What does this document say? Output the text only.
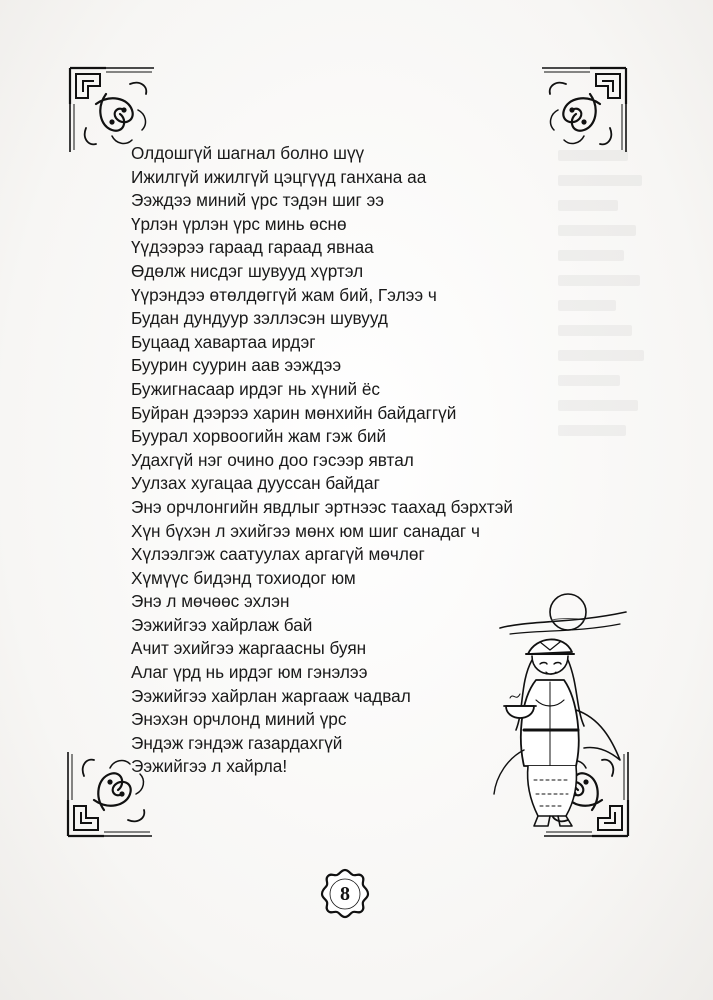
Олдошгүй шагнал болно шүү
Ижилгүй ижилгүй цэцгүүд ганхана аа
Ээждээ миний үрс тэдэн шиг ээ
Үрлэн үрлэн үрс минь өснө
Үүдээрээ гараад гараад явнаа
Өдөлж нисдэг шувууд хүртэл
Үүрэндээ өтөлдөггүй жам бий, Гэлээ ч
Будан дундуур зэллэсэн шувууд
Буцаад хавартаа ирдэг
Буурин суурин аав ээждээ
Бужигнасаар ирдэг нь хүний ёс
Буйран дээрээ харин мөнхийн байдаггүй
Буурал хорвоогийн жам гэж бий
Удахгүй нэг очино доо гэсээр явтал
Уулзах хугацаа дууссан байдаг
Энэ орчлонгийн явдлыг эртнээс таахад бэрхтэй
Хүн бүхэн л эхийгээ мөнх юм шиг санадаг ч
Хүлээлгэж саатуулах аргагүй мөчлөг
Хүмүүс бидэнд тохиодог юм
Энэ л мөчөөс эхлэн
Ээжийгээ хайрлаж бай
Ачит эхийгээ жаргаасны буян
Алаг үрд нь ирдэг юм гэнэлээ
Ээжийгээ хайрлан жаргааж чадвал
Энэхэн орчлонд миний үрс
Эндэж гэндэж газардахгүй
Ээжийгээ л хайрла!
8
